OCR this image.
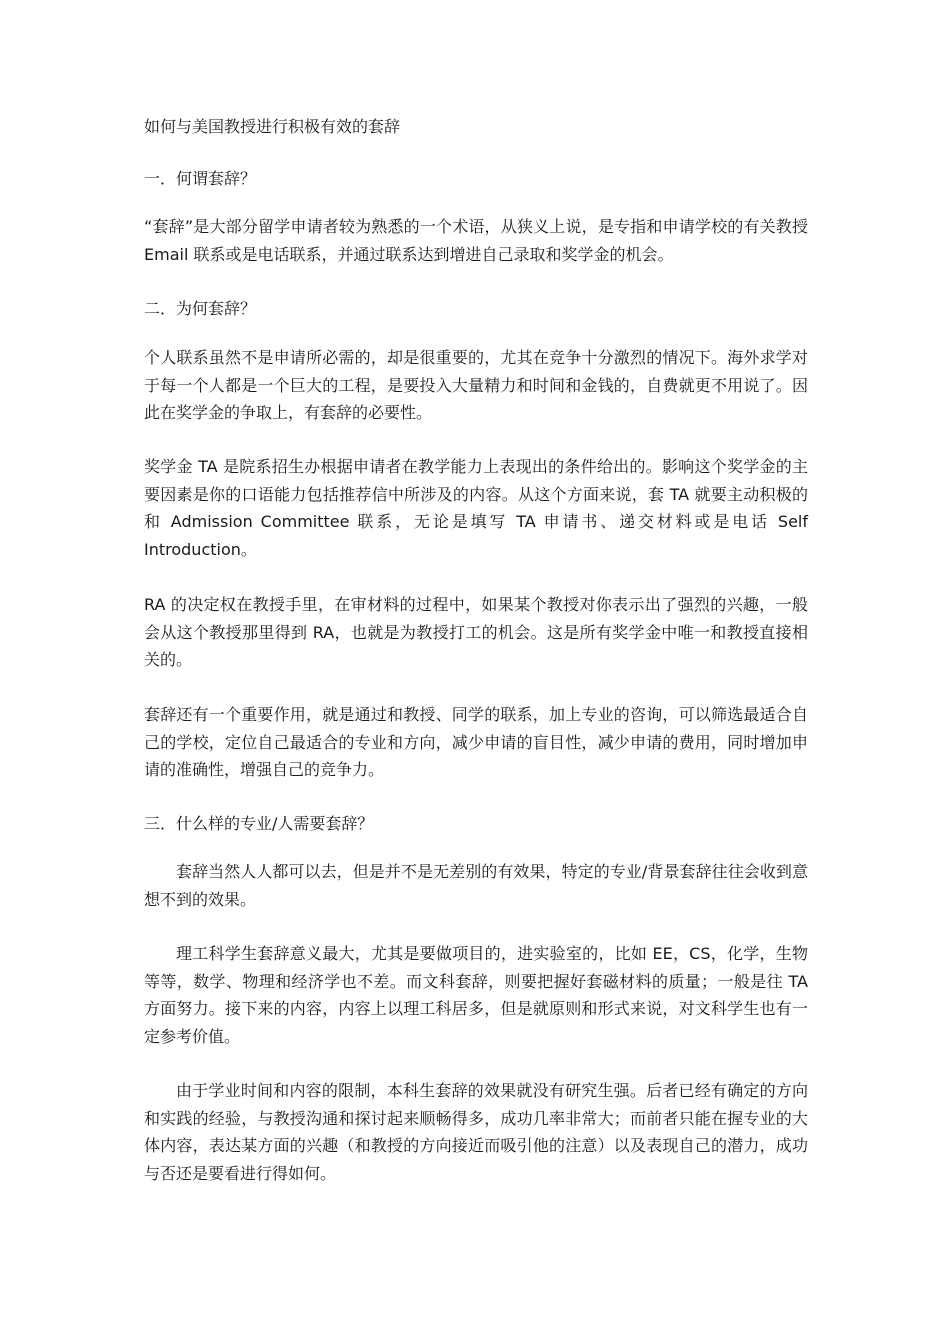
如何与美国教授进行积极有效的套辞
一．何谓套辞？
“套辞”是大部分留学申请者较为熟悉的一个术语，从狭义上说，是专指和申请学校的有关教授 Email 联系或是电话联系，并通过联系达到增进自己录取和奖学金的机会。
二．为何套辞？
个人联系虽然不是申请所必需的，却是很重要的，尤其在竞争十分激烈的情况下。海外求学对于每一个人都是一个巨大的工程，是要投入大量精力和时间和金钱的，自费就更不用说了。因此在奖学金的争取上，有套辞的必要性。
奖学金 TA 是院系招生办根据申请者在教学能力上表现出的条件给出的。影响这个奖学金的主要因素是你的口语能力包括推荐信中所涉及的内容。从这个方面来说，套 TA 就要主动积极的和 Admission Committee 联系，无论是填写 TA 申请书、递交材料或是电话 Self Introduction。
RA 的决定权在教授手里，在审材料的过程中，如果某个教授对你表示出了强烈的兴趣，一般会从这个教授那里得到 RA，也就是为教授打工的机会。这是所有奖学金中唯一和教授直接相关的。
套辞还有一个重要作用，就是通过和教授、同学的联系，加上专业的咨询，可以筛选最适合自己的学校，定位自己最适合的专业和方向，减少申请的盲目性，减少申请的费用，同时增加申请的准确性，增强自己的竞争力。
三．什么样的专业/人需要套辞？
套辞当然人人都可以去，但是并不是无差别的有效果，特定的专业/背景套辞往往会收到意想不到的效果。
理工科学生套辞意义最大，尤其是要做项目的，进实验室的，比如 EE，CS，化学，生物等等，数学、物理和经济学也不差。而文科套辞，则要把握好套磁材料的质量；一般是往 TA 方面努力。接下来的内容，内容上以理工科居多，但是就原则和形式来说，对文科学生也有一定参考价值。
由于学业时间和内容的限制，本科生套辞的效果就没有研究生强。后者已经有确定的方向和实践的经验，与教授沟通和探讨起来顺畅得多，成功几率非常大；而前者只能在握专业的大体内容，表达某方面的兴趣（和教授的方向接近而吸引他的注意）以及表现自己的潜力，成功与否还是要看进行得如何。
